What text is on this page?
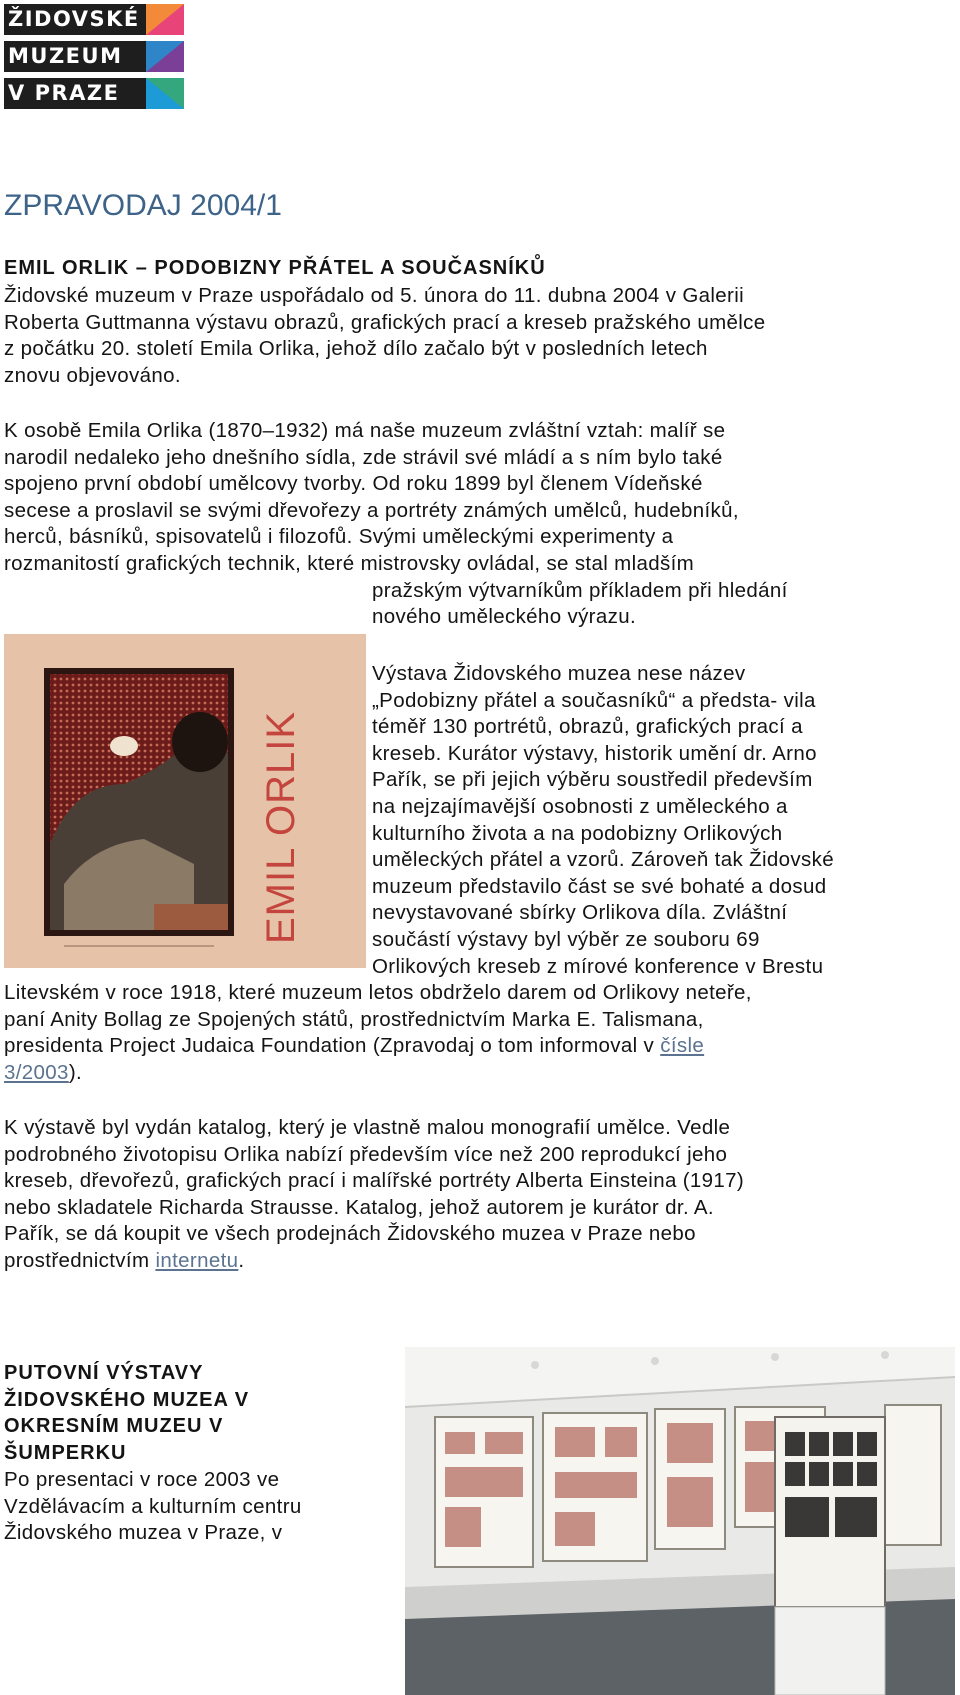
ŽIDOVSKÉ
MUZEUM
V PRAZE
ZPRAVODAJ 2004/1
EMIL ORLIK – PODOBIZNY PŘÁTEL A SOUČASNÍKŮ
Židovské muzeum v Praze uspořádalo od 5. února do 11. dubna 2004 v Galerii
Roberta Guttmanna výstavu obrazů, grafických prací a kreseb pražského umělce
z počátku 20. století Emila Orlika, jehož dílo začalo být v posledních letech
znovu objevováno.
K osobě Emila Orlika (1870–1932) má naše muzeum zvláštní vztah: malíř se
narodil nedaleko jeho dnešního sídla, zde strávil své mládí a s ním bylo také
spojeno první období umělcovy tvorby. Od roku 1899 byl členem Vídeňské
secese a proslavil se svými dřevořezy a portréty známých umělců, hudebníků,
herců, básníků, spisovatelů i filozofů. Svými uměleckými experimenty a
rozmanitostí grafických technik, které mistrovsky ovládal, se stal mladším
pražským výtvarníkům příkladem při hledání
nového uměleckého výrazu.
EMIL ORLIK
Výstava Židovského muzea nese název
„Podobizny přátel a současníků“ a předsta- vila
téměř 130 portrétů, obrazů, grafických prací a
kreseb. Kurátor výstavy, historik umění dr. Arno
Pařík, se při jejich výběru soustředil především
na nejzajímavější osobnosti z uměleckého a
kulturního života a na podobizny Orlikových
uměleckých přátel a vzorů. Zároveň tak Židovské
muzeum představilo část se své bohaté a dosud
nevystavované sbírky Orlikova díla. Zvláštní
součástí výstavy byl výběr ze souboru 69
Orlikových kreseb z mírové konference v Brestu
Litevském v roce 1918, které muzeum letos obdrželo darem od Orlikovy neteře,
paní Anity Bollag ze Spojených států, prostřednictvím Marka E. Talismana,
presidenta Project Judaica Foundation (Zpravodaj o tom informoval v čísle
3/2003).
K výstavě byl vydán katalog, který je vlastně malou monografií umělce. Vedle
podrobného životopisu Orlika nabízí především více než 200 reprodukcí jeho
kreseb, dřevořezů, grafických prací i malířské portréty Alberta Einsteina (1917)
nebo skladatele Richarda Strausse. Katalog, jehož autorem je kurátor dr. A.
Pařík, se dá koupit ve všech prodejnách Židovského muzea v Praze nebo
prostřednictvím internetu.
PUTOVNÍ VÝSTAVY
ŽIDOVSKÉHO MUZEA V
OKRESNÍM MUZEU V
ŠUMPERKU
Po presentaci v roce 2003 ve
Vzdělávacím a kulturním centru
Židovského muzea v Praze, v
